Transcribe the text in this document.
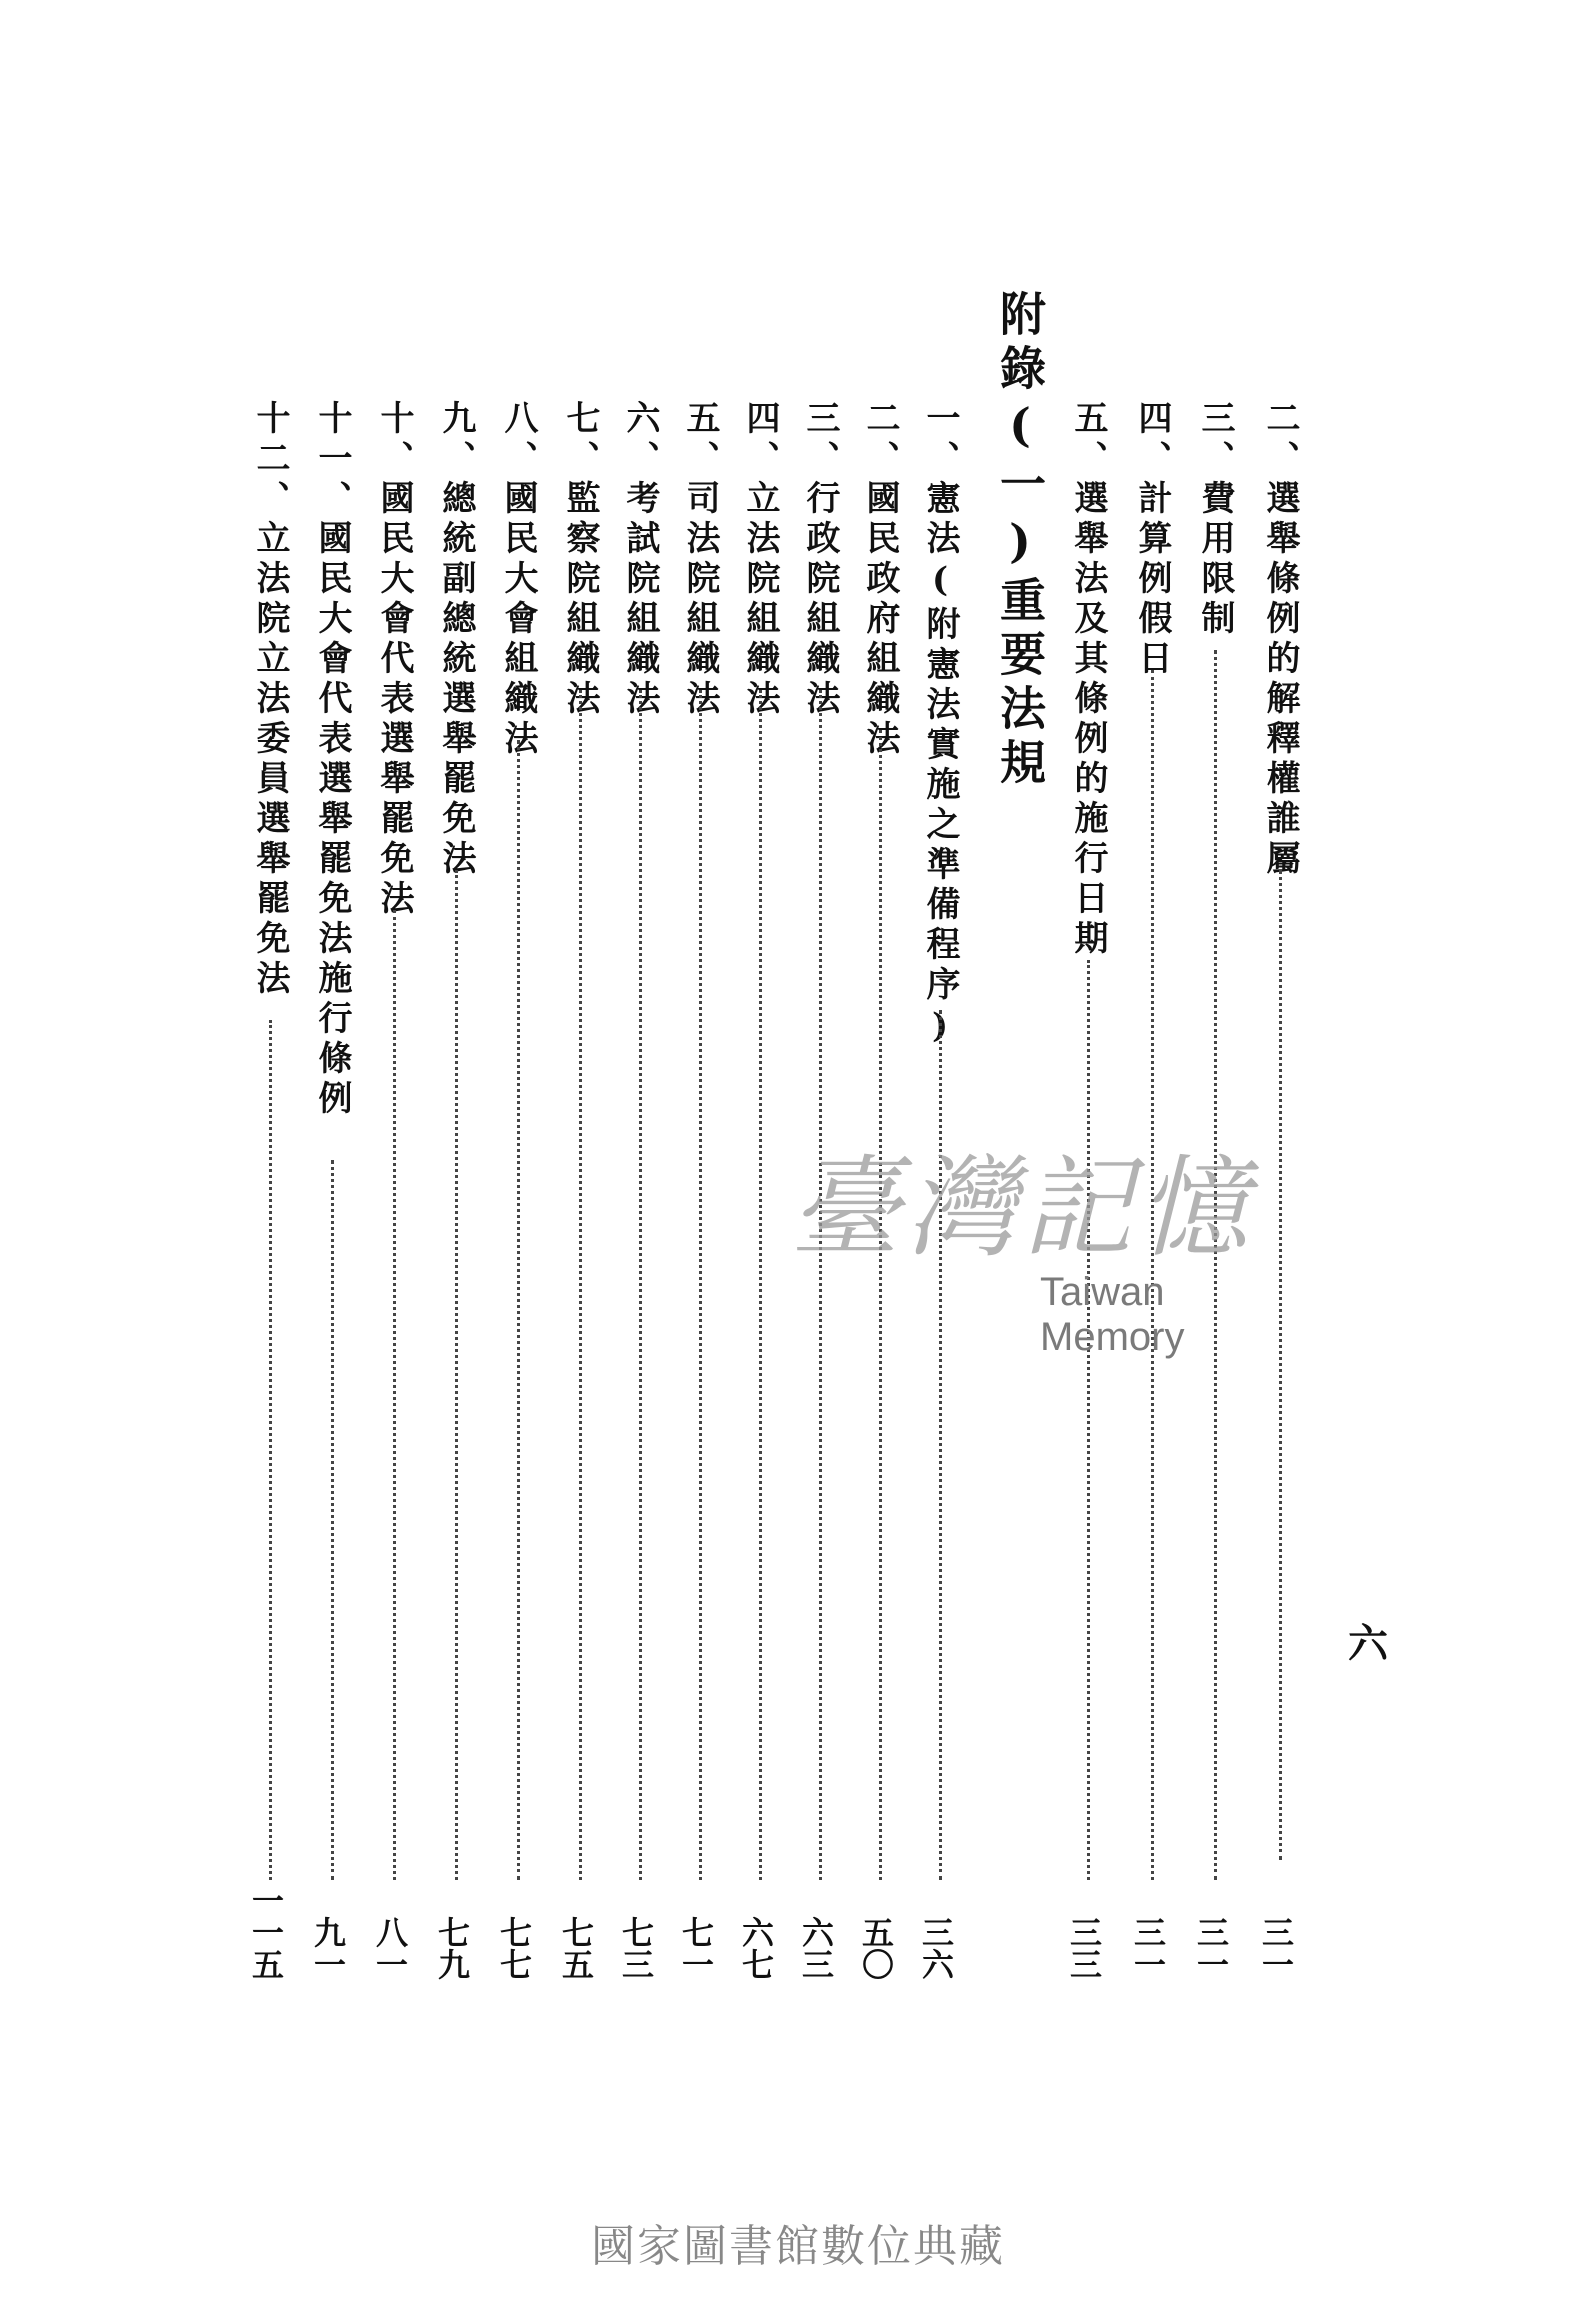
二、選舉條例的解釋權誰屬
三一
三、費用限制
三一
四、計算例假日
三一
五、選舉法及其條例的施行日期
三三
附錄(一)重要法規
一、憲法(附憲法實施之準備程序)
三六
二、國民政府組織法
五〇
三、行政院組織法
六三
四、立法院組織法
六七
五、司法院組織法
七一
六、考試院組織法
七三
七、監察院組織法
七五
八、國民大會組織法
七七
九、總統副總統選舉罷免法
七九
十、國民大會代表選舉罷免法
八一
十一、國民大會代表選舉罷免法施行條例
九一
十二、立法院立法委員選舉罷免法
一一五
六
臺灣記憶
Taiwan Memory
國家圖書館數位典藏
